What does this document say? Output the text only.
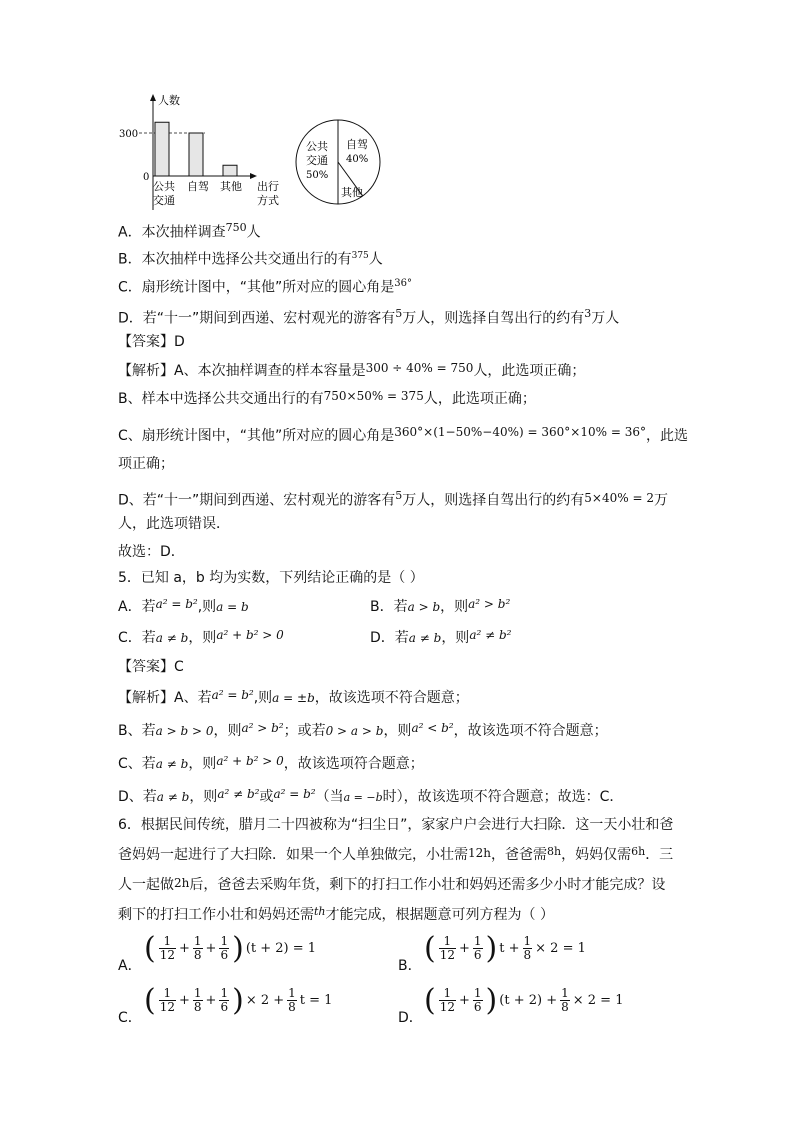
人数
300
0
公共
交通
自驾 其他 出行
方式
公共
交通
50%
自驾
40%
其他
A．本次抽样调查$^{750}$人
B．本次抽样中选择公共交通出行的有$^{375}$人
C．扇形统计图中，“其他”所对应的圆心角是$^{36^\circ}$
D．若“十一”期间到西递、宏村观光的游客有$^5$万人，则选择自驾出行的约有$^3$万人
【答案】D
【解析】A、本次抽样调查的样本容量是300 ÷ 40% = 750人，此选项正确；
B、样本中选择公共交通出行的有750×50% = 375人，此选项正确；
C、扇形统计图中，“其他”所对应的圆心角是360°×(1−50%−40%) = 360°×10% = 36°，此选
项正确；
D、若“十一”期间到西递、宏村观光的游客有$^5$万人，则选择自驾出行的约有5×40% = 2万
人，此选项错误．
故选：D．
5．已知 a，b 均为实数，下列结论正确的是（ ）
A．若a² = b²,则a = b	B．若a > b，则a² > b²
C．若a ≠ b，则a² + b² > 0	D．若a ≠ b，则a² ≠ b²
【答案】C
【解析】A、若a² = b²,则a = ±b，故该选项不符合题意；
B、若a > b > 0，则a² > b²；或若0 > a > b，则a² < b²，故该选项不符合题意；
C、若a ≠ b，则a² + b² > 0，故该选项符合题意；
D、若a ≠ b，则a² ≠ b²或a² = b²（当a = −b时），故该选项不符合题意；故选：C．
6．根据民间传统，腊月二十四被称为“扫尘日”，家家户户会进行大扫除．这一天小壮和爸
爸妈妈一起进行了大扫除．如果一个人单独做完，小壮需12h，爸爸需$^{8h}$，妈妈仅需$^{6h}$．三
人一起做2h后，爸爸去采购年货，剩下的打扫工作小壮和妈妈还需多少小时才能完成？设
剩下的打扫工作小壮和妈妈还需$^{th}$才能完成，根据题意可列方程为（ ）
A．
( $\frac{1}{12} + \frac{1}{8} + \frac{1}{6}$ ) (t + 2) = 1
B．
( $\frac{1}{12} + \frac{1}{6}$ ) $t + \frac{1}{8} \times 2 = 1$
C．
( $\frac{1}{12} + \frac{1}{8} + \frac{1}{6}$ ) × $2 + \frac{1}{8}$ t = 1
D．
( $\frac{1}{12} + \frac{1}{6}$ ) $(t + 2) + \frac{1}{8} \times 2 = 1$
